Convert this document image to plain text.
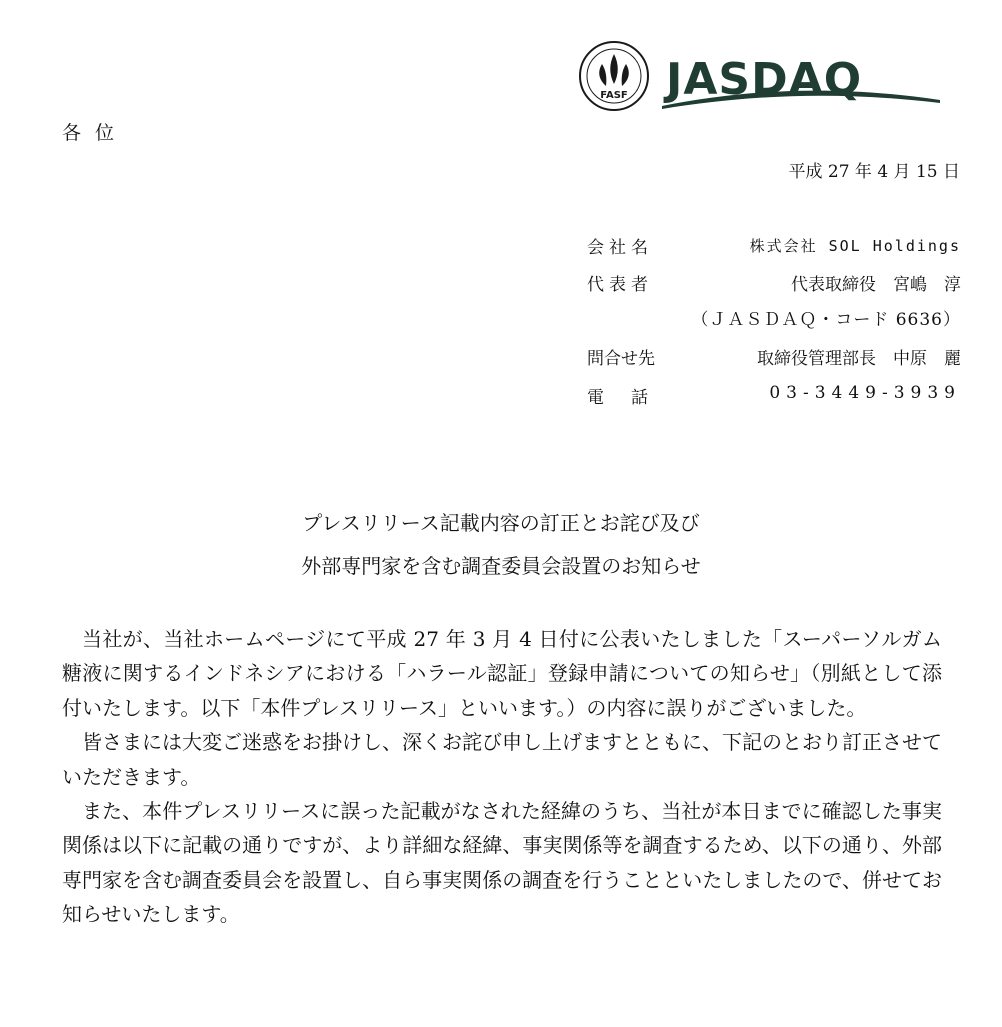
FASF JASDAQ
各位
平成 27 年 4 月 15 日
会社名	株式会社 SOL Holdings
代表者	代表取締役　宮嶋　淳
（ＪＡＳＤＡＱ・コード 6636）
問合せ先	取締役管理部長　中原　麗
電　話	03-3449-3939
プレスリリース記載内容の訂正とお詫び及び
外部専門家を含む調査委員会設置のお知らせ

当社が、当社ホームページにて平成 27 年 3 月 4 日付に公表いたしました「スーパーソルガム糖液に関するインドネシアにおける「ハラール認証」登録申請についての知らせ」（別紙として添付いたします。以下「本件プレスリリース」といいます。）の内容に誤りがございました。

皆さまには大変ご迷惑をお掛けし、深くお詫び申し上げますとともに、下記のとおり訂正させていただきます。

また、本件プレスリリースに誤った記載がなされた経緯のうち、当社が本日までに確認した事実関係は以下に記載の通りですが、より詳細な経緯、事実関係等を調査するため、以下の通り、外部専門家を含む調査委員会を設置し、自ら事実関係の調査を行うことといたしましたので、併せてお知らせいたします。
